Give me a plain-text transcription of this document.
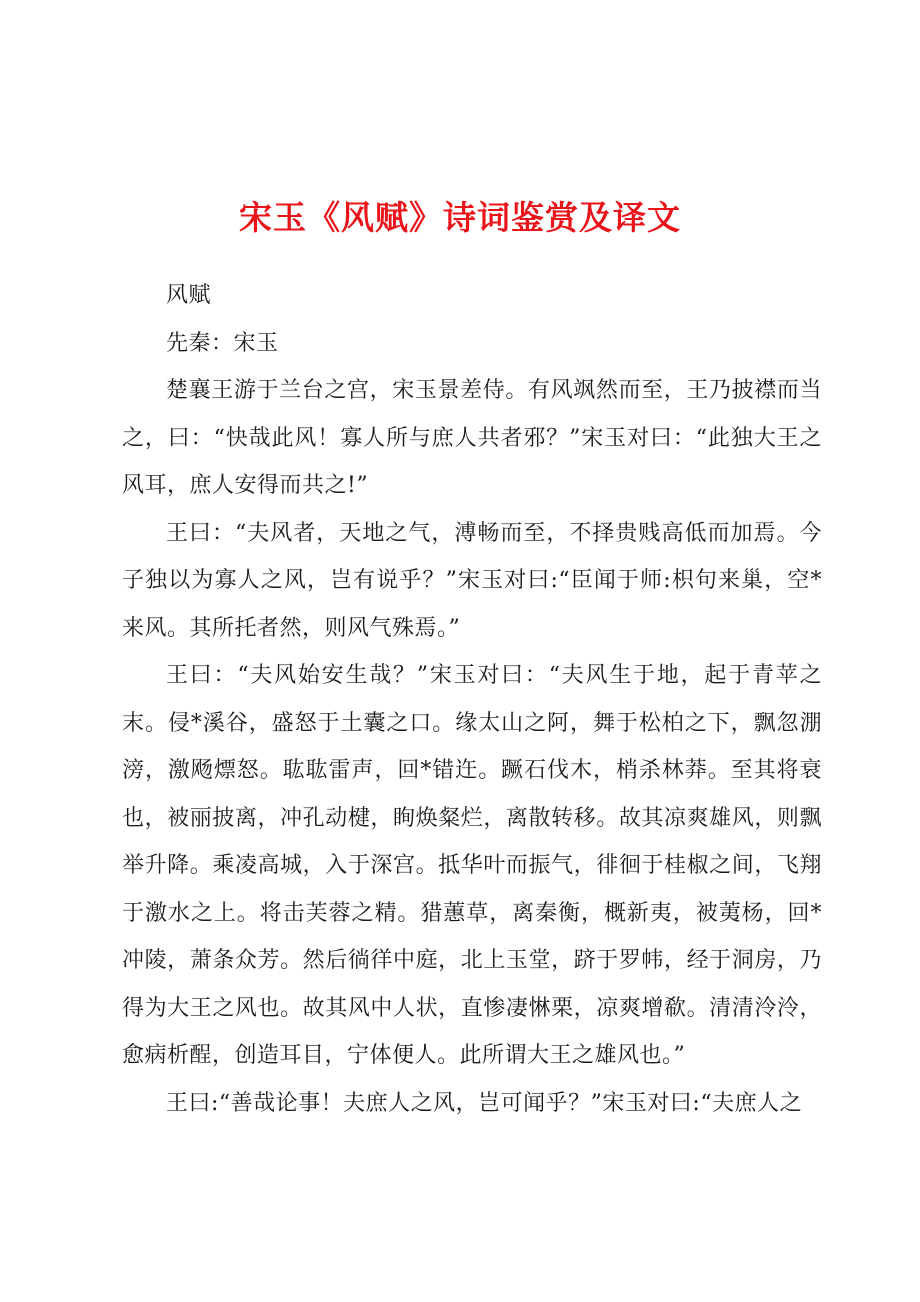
宋玉《风赋》诗词鉴赏及译文

风赋

先秦：宋玉

楚襄王游于兰台之宫，宋玉景差侍。有风飒然而至，王乃披襟而当之，曰：“快哉此风！寡人所与庶人共者邪？”宋玉对曰：“此独大王之风耳，庶人安得而共之!”

王曰：“夫风者，天地之气，溥畅而至，不择贵贱高低而加焉。今子独以为寡人之风，岂有说乎？”宋玉对曰:“臣闻于师:枳句来巢，空*来风。其所托者然，则风气殊焉。”

王曰：“夫风始安生哉？”宋玉对曰：“夫风生于地，起于青苹之末。侵*溪谷，盛怒于土囊之口。缘太山之阿，舞于松柏之下，飘忽淜滂，激飏熛怒。耾耾雷声，回*错迕。蹶石伐木，梢杀林莽。至其将衰也，被丽披离，冲孔动楗，眴焕粲烂，离散转移。故其凉爽雄风，则飘举升降。乘凌高城，入于深宫。抵华叶而振气，徘徊于桂椒之间，飞翔于激水之上。将击芙蓉之精。猎蕙草，离秦衡，概新夷，被荑杨，回*冲陵，萧条众芳。然后徜徉中庭，北上玉堂，跻于罗帏，经于洞房，乃得为大王之风也。故其风中人状，直惨凄惏栗，凉爽增欷。清清泠泠，愈病析酲，创造耳目，宁体便人。此所谓大王之雄风也。”

王曰:“善哉论事！夫庶人之风，岂可闻乎？”宋玉对曰:“夫庶人之
